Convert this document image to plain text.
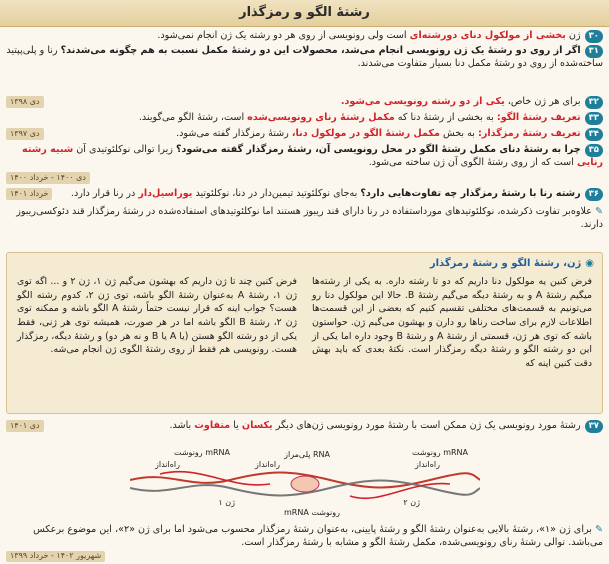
رشتهٔ الگو و رمزگذار
۳۰ژن بخشی از مولکول دنای دورشته‌ای است ولی رونویسی از روی هر دو رشته یک ژن انجام نمی‌شود.
۳۱اگر از روی دو رشتهٔ یک ژن رونویسی انجام می‌شد، محصولات این دو رشتهٔ مکمل نسبت به هم چگونه می‌شدند؟ رنا و پلی‌پپتید ساخته‌شده از روی دو رشتهٔ مکمل دنا بسیار متفاوت می‌شدند.
۳۲برای هر ژن خاص، یکی از دو رشته رونویسی می‌شود.
دی ۱۳۹۸
۳۳تعریف رشتهٔ الگو: به بخشی از رشتهٔ دنا که مکمل رشتهٔ رنای رونویسی‌شده است، رشتهٔ الگو می‌گویند.
۳۴تعریف رشتهٔ رمزگذار: به بخش مکمل رشتهٔ الگو در مولکول دنا، رشتهٔ رمزگذار گفته می‌شود.
دی ۱۳۹۷
۳۵چرا به رشتهٔ دنای مکمل رشتهٔ الگو در محل رونویسی آن، رشتهٔ رمزگذار گفته می‌شود؟ زیرا توالی نوکلئوتیدی آن شبیه رشته رنایی است که از روی رشتهٔ الگوی آن ژن ساخته می‌شود.
دی ۱۴۰۰ - خرداد ۱۴۰۰
۳۶رشته رنا با رشتهٔ رمزگذار چه تفاوت‌هایی دارد؟ به‌جای نوکلئوتید تیمین‌دار در دنا، نوکلئوتید یوراسیل‌دار در رنا قرار دارد.
خرداد ۱۴۰۱
✎علاوه‌بر تفاوت ذکرشده، نوکلئوتیدهای مورداستفاده در رنا دارای قند ریبوز هستند اما نوکلئوتیدهای استفاده‌شده در رشتهٔ رمزگذار قند دئوکسی‌ریبوز دارند.
◉ژن، رشتهٔ الگو و رشتهٔ رمزگذار
فرض کنین یه مولکول دنا داریم که دو تا رشته داره. به یکی از رشته‌ها میگیم رشتهٔ A و به رشتهٔ دیگه می‌گیم رشتهٔ B. حالا این مولکول دنا رو می‌تونیم به قسمت‌های مختلفی تقسیم کنیم که بعضی از این قسمت‌ها اطلاعات لازم برای ساخت رناها رو دارن و بهشون می‌گیم ژن. حواستون باشه که توی هر ژن، قسمتی از رشتهٔ A و رشتهٔ B وجود داره اما یکی از این دو رشته الگو و رشتهٔ دیگه رمزگذار است. نکتهٔ بعدی که باید بهش دقت کنین اینه که
فرض کنین چند تا ژن داریم که بهشون می‌گیم ژن ۱، ژن ۲ و ... اگه توی ژن ۱، رشتهٔ A به‌عنوان رشتهٔ الگو باشه، توی ژن ۲، کدوم رشته الگو هست؟ جواب اینه که قرار نیست حتماً رشتهٔ A الگو باشه و ممکنه توی ژن ۲، رشتهٔ B الگو باشه اما در هر صورت، همیشه توی هر ژنی، فقط یکی از دو رشته الگو هستن (یا A یا B و نه هر دو) و رشتهٔ دیگه، رمزگذار هست. رونویسی هم فقط از روی رشتهٔ الگوی ژن انجام می‌شه.
۳۷رشتهٔ مورد رونویسی یک ژن ممکن است با رشتهٔ مورد رونویسی ژن‌های دیگر یکسان یا متفاوت باشد.
دی ۱۴۰۱
mRNA رونوشت
راه‌انداز
ژن ۲
RNA پلی‌مراز
رونوشت mRNA
راه‌انداز
ژن ۱
mRNA رونوشت
راه‌انداز
✎برای ژن «۱»، رشتهٔ بالایی به‌عنوان رشتهٔ الگو و رشتهٔ پایینی، به‌عنوان رشتهٔ رمزگذار محسوب می‌شود اما برای ژن «۲»، این موضوع برعکس می‌باشد. توالی رشتهٔ رنای رونویسی‌شده، مکمل رشتهٔ الگو و مشابه با رشتهٔ رمزگذار است.
شهریور ۱۴۰۲ - خرداد ۱۳۹۹
